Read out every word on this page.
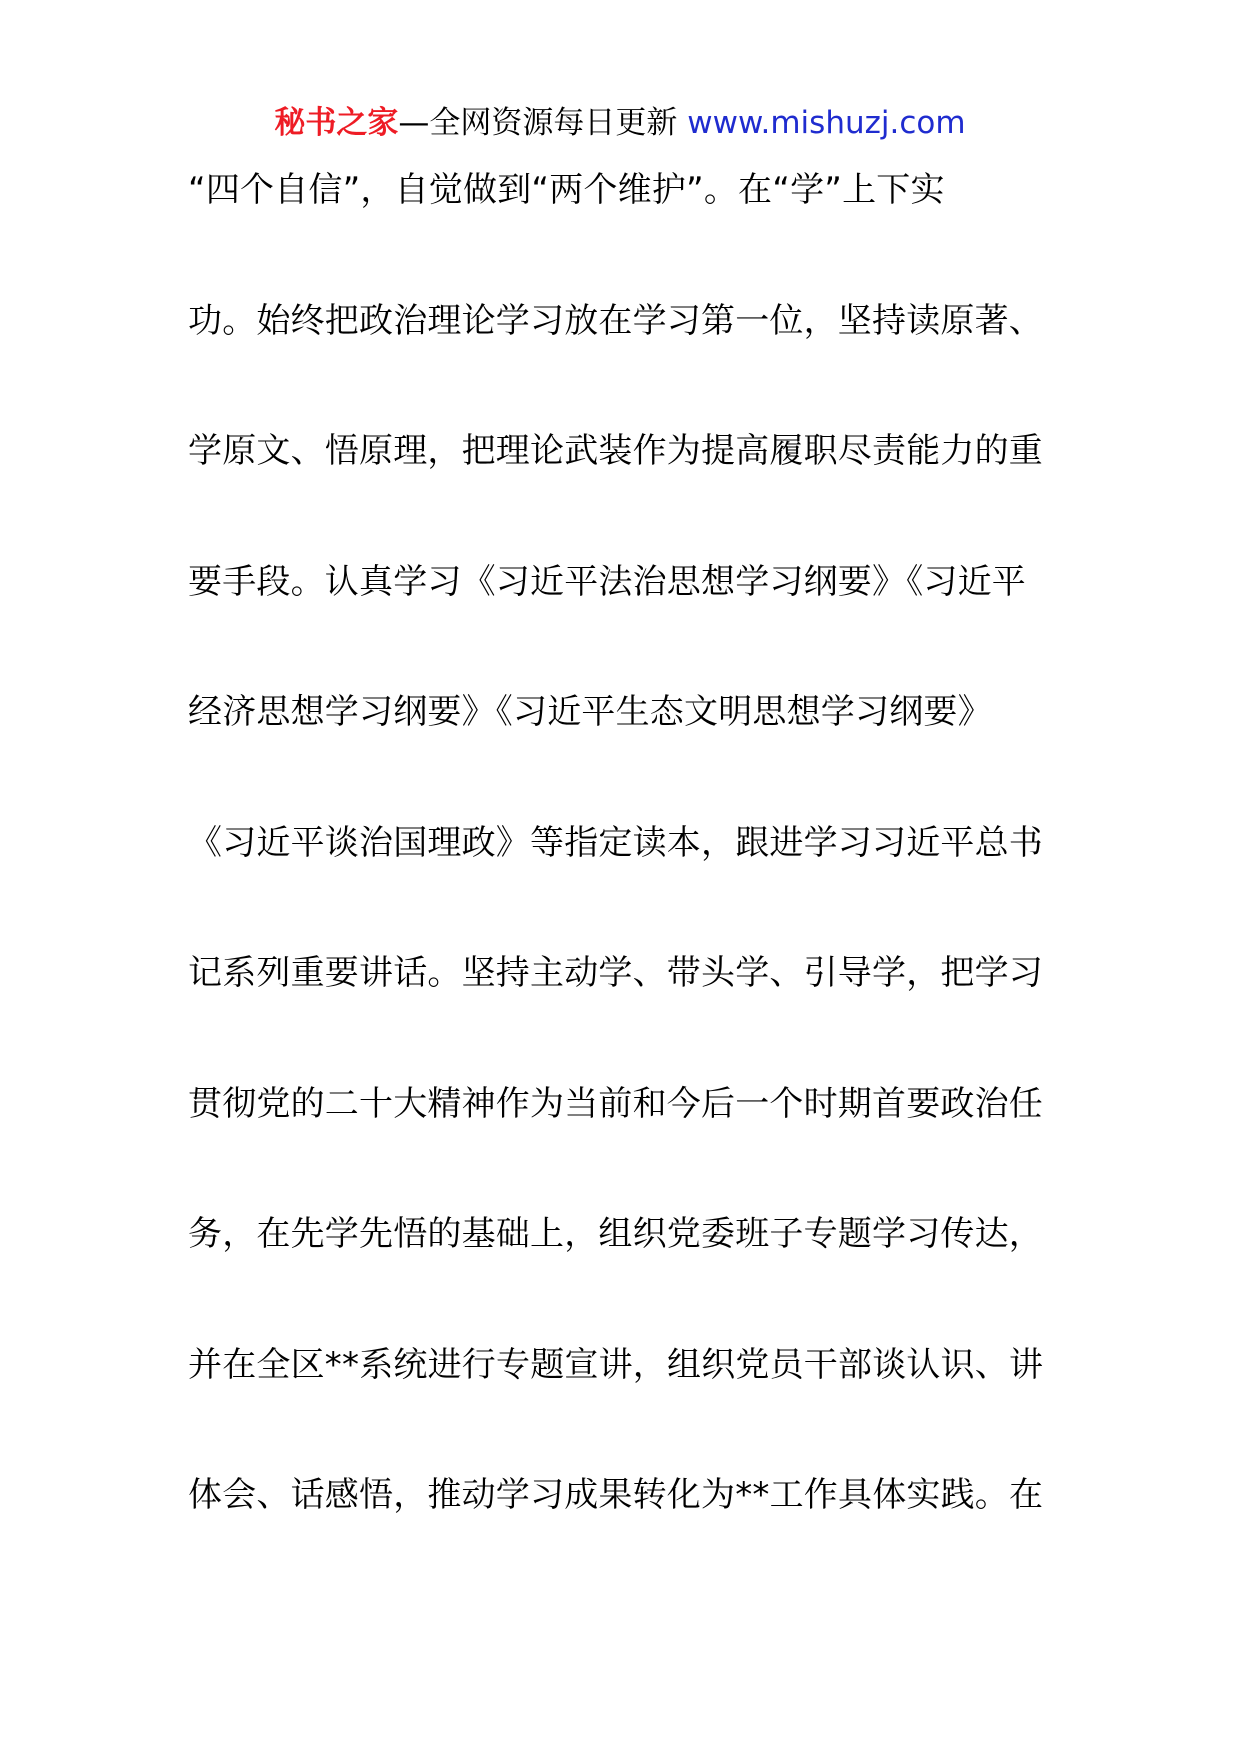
秘书之家—全网资源每日更新 www.mishuzj.com
“四个自信”，自觉做到“两个维护”。在“学”上下实
功。始终把政治理论学习放在学习第一位，坚持读原著、
学原文、悟原理，把理论武装作为提高履职尽责能力的重
要手段。认真学习《习近平法治思想学习纲要》《习近平
经济思想学习纲要》《习近平生态文明思想学习纲要》
《习近平谈治国理政》等指定读本，跟进学习习近平总书
记系列重要讲话。坚持主动学、带头学、引导学，把学习
贯彻党的二十大精神作为当前和今后一个时期首要政治任
务，在先学先悟的基础上，组织党委班子专题学习传达，
并在全区**系统进行专题宣讲，组织党员干部谈认识、讲
体会、话感悟，推动学习成果转化为**工作具体实践。在
